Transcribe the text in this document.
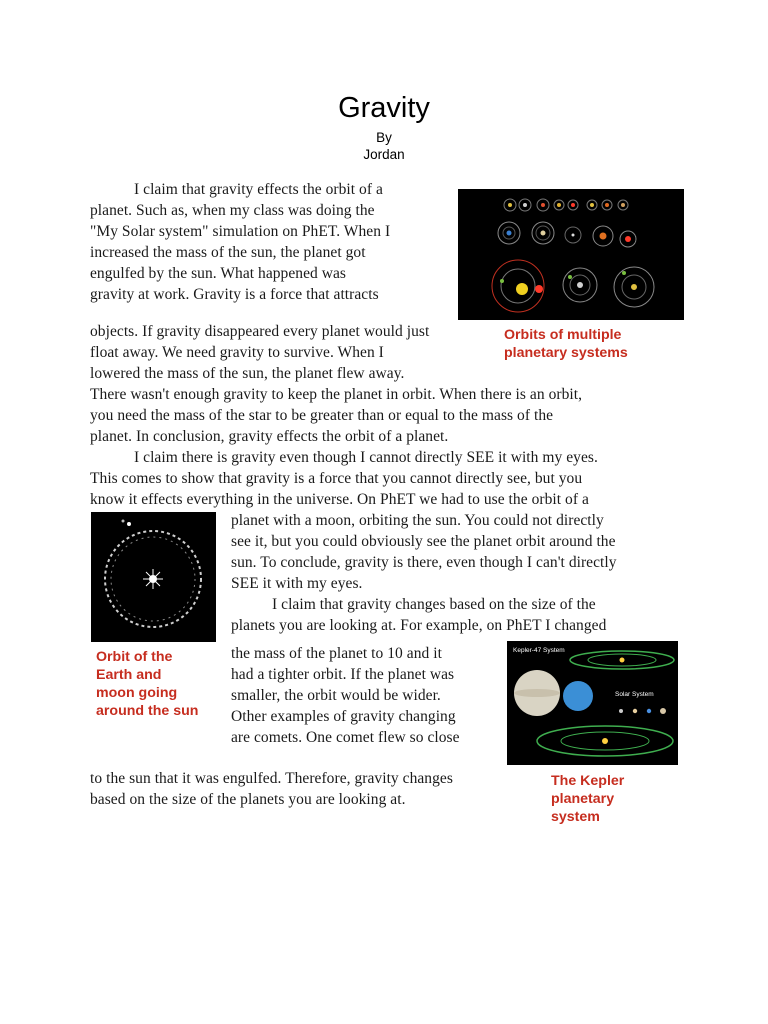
Gravity
By
Jordan
I claim that gravity effects the orbit of a
planet. Such as, when my class was doing the
"My Solar system" simulation on PhET. When I
increased the mass of the sun, the planet got
engulfed by the sun. What happened was
gravity at work. Gravity is a force that attracts
objects. If gravity disappeared every planet would just
float away. We need gravity to survive. When I
lowered the mass of the sun, the planet flew away.
There wasn't enough gravity to keep the planet in orbit. When there is an orbit,
you need the mass of the star to be greater than or equal to the mass of the
planet. In conclusion, gravity effects the orbit of a planet.
I claim there is gravity even though I cannot directly SEE it with my eyes.
This comes to show that gravity is a force that you cannot directly see, but you
know it effects everything in the universe. On PhET we had to use the orbit of a
planet with a moon, orbiting the sun. You could not directly
see it, but you could obviously see the planet orbit around the
sun. To conclude, gravity is there, even though I can't directly
SEE it with my eyes.
I claim that gravity changes based on the size of the
planets you are looking at. For example, on PhET I changed
the mass of the planet to 10 and it
had a tighter orbit. If the planet was
smaller, the orbit would be wider.
Other examples of gravity changing
are comets. One comet flew so close
to the sun that it was engulfed. Therefore, gravity changes
based on the size of the planets you are looking at.
Orbits of multiple
planetary systems
Orbit of the
Earth and
moon going
around the sun
Kepler-47 System
Solar System
The Kepler
planetary
system
